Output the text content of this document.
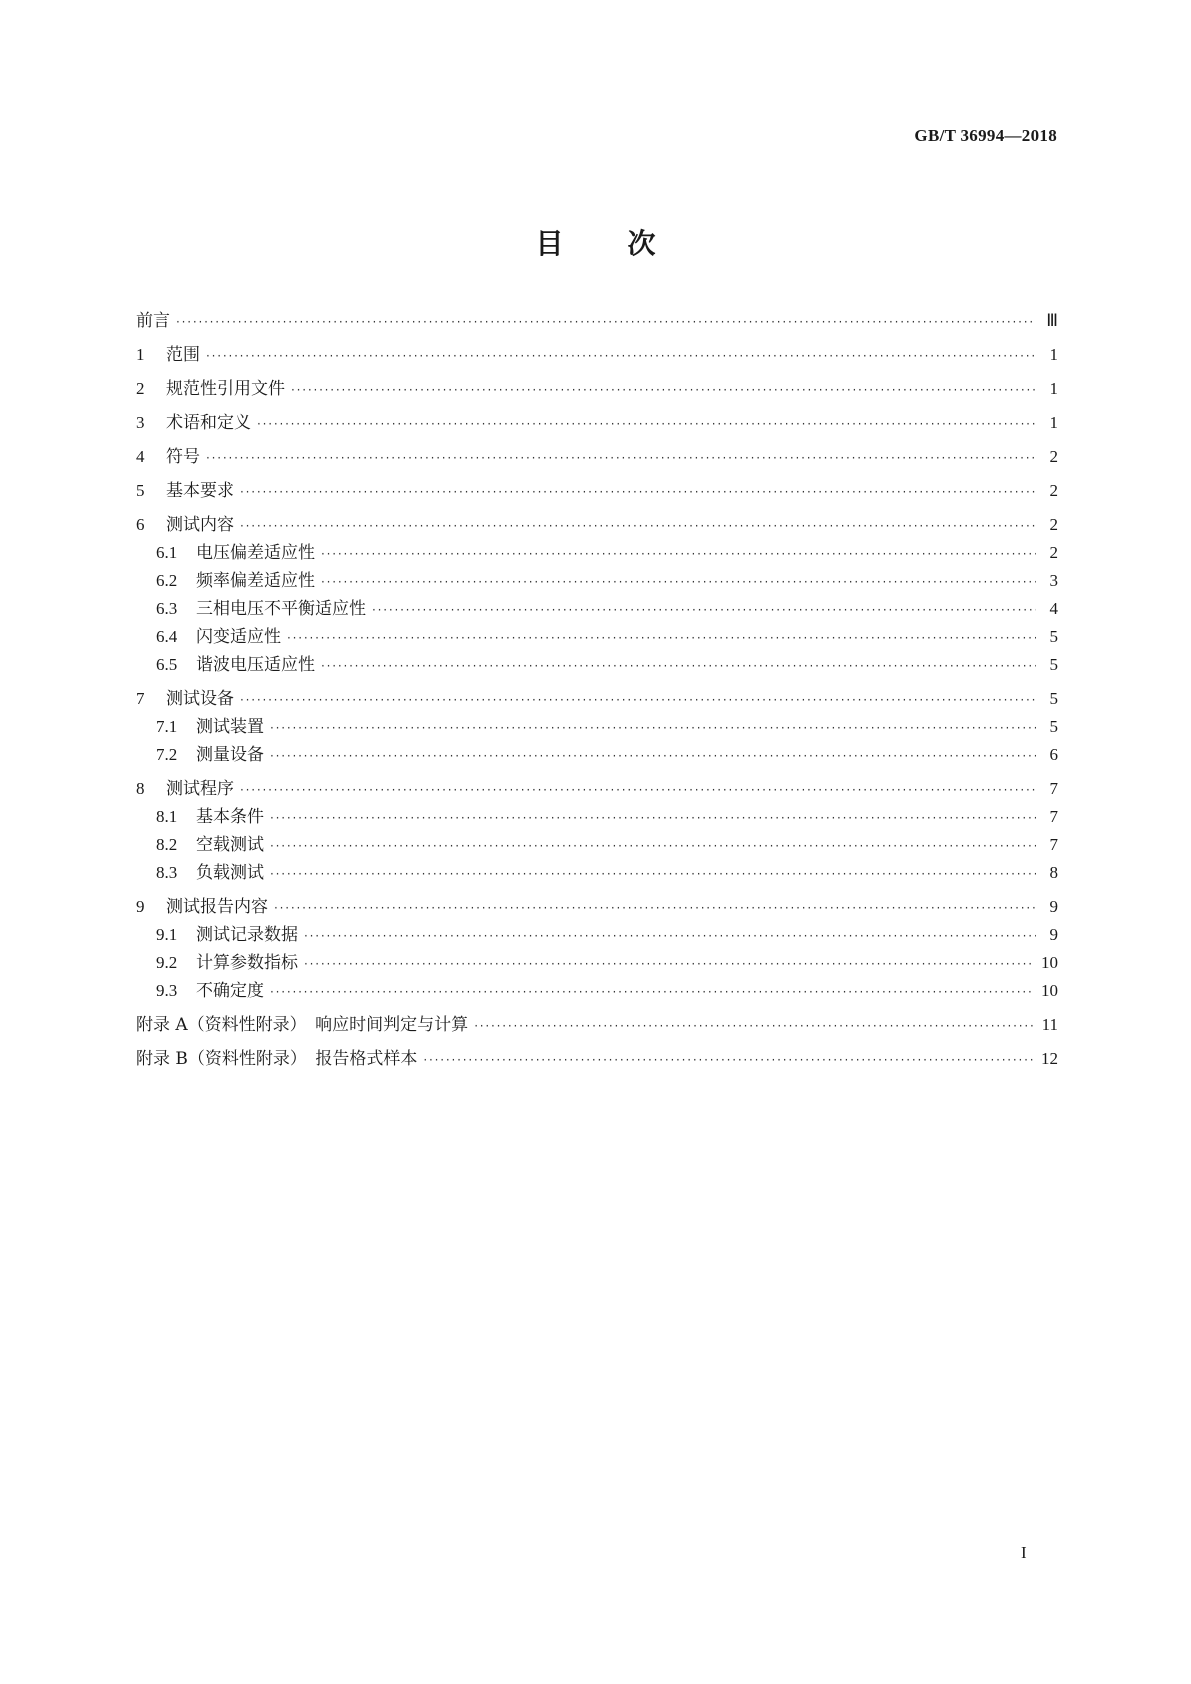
GB/T 36994—2018
目 次
前言 ·····	Ⅲ
1	范围 ·····	1
2	规范性引用文件 ·····	1
3	术语和定义 ·····	1
4	符号 ·····	2
5	基本要求 ·····	2
6	测试内容 ·····	2
6.1	电压偏差适应性 ·····	2
6.2	频率偏差适应性 ·····	3
6.3	三相电压不平衡适应性 ·····	4
6.4	闪变适应性 ·····	5
6.5	谐波电压适应性 ·····	5
7	测试设备 ·····	5
7.1	测试装置 ·····	5
7.2	测量设备 ·····	6
8	测试程序 ·····	7
8.1	基本条件 ·····	7
8.2	空载测试 ·····	7
8.3	负载测试 ·····	8
9	测试报告内容 ·····	9
9.1	测试记录数据 ·····	9
9.2	计算参数指标 ·····	10
9.3	不确定度 ·····	10
附录 A（资料性附录）　响应时间判定与计算 ·····	11
附录 B（资料性附录）　报告格式样本 ·····	12
I
